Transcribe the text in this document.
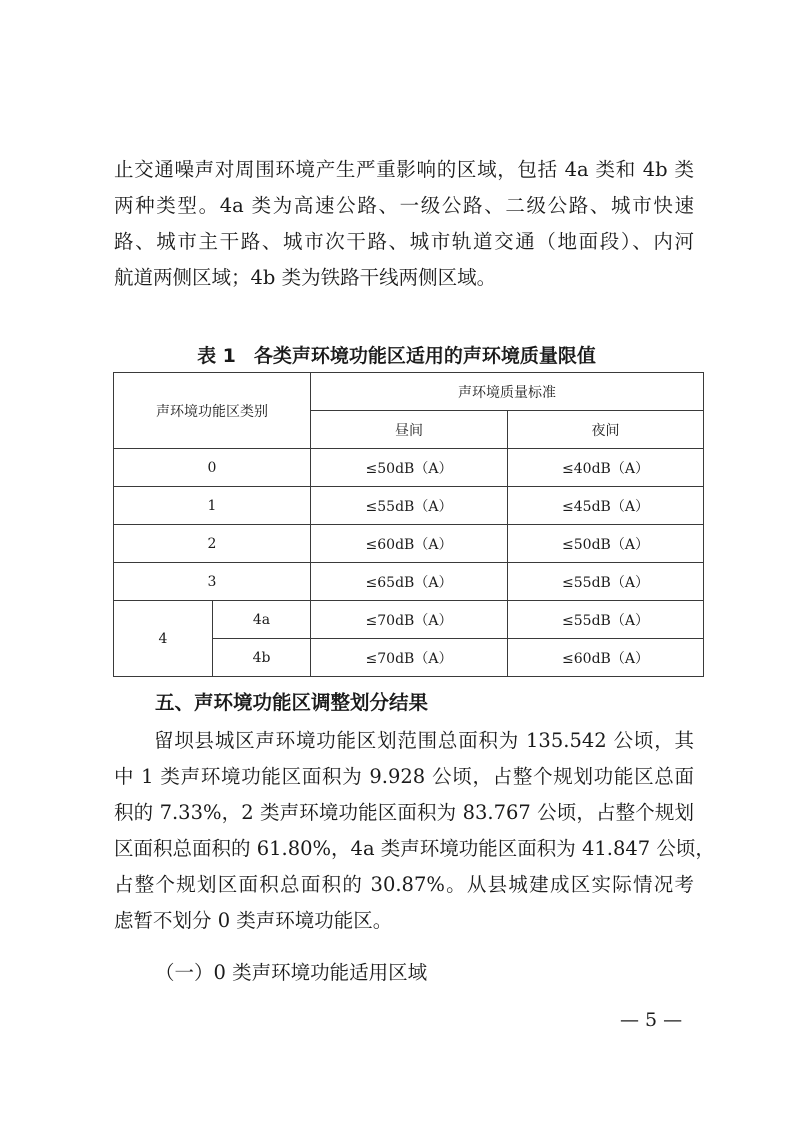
止交通噪声对周围环境产生严重影响的区域，包括 4a 类和 4b 类
两种类型。4a 类为高速公路、一级公路、二级公路、城市快速
路、城市主干路、城市次干路、城市轨道交通（地面段）、内河
航道两侧区域；4b 类为铁路干线两侧区域。
表 1 各类声环境功能区适用的声环境质量限值
声环境功能区类别		声环境质量标准	
		昼间	夜间
0		≤50dB（A）	≤40dB（A）
1		≤55dB（A）	≤45dB（A）
2		≤60dB（A）	≤50dB（A）
3		≤65dB（A）	≤55dB（A）
4	4a	≤70dB（A）	≤55dB（A）
	4b	≤70dB（A）	≤60dB（A）
五、声环境功能区调整划分结果
留坝县城区声环境功能区划范围总面积为 135.542 公顷，其
中 1 类声环境功能区面积为 9.928 公顷，占整个规划功能区总面
积的 7.33%，2 类声环境功能区面积为 83.767 公顷，占整个规划
区面积总面积的 61.80%，4a 类声环境功能区面积为 41.847 公顷，
占整个规划区面积总面积的 30.87%。从县城建成区实际情况考
虑暂不划分 0 类声环境功能区。
（一）0 类声环境功能适用区域
— 5 —
